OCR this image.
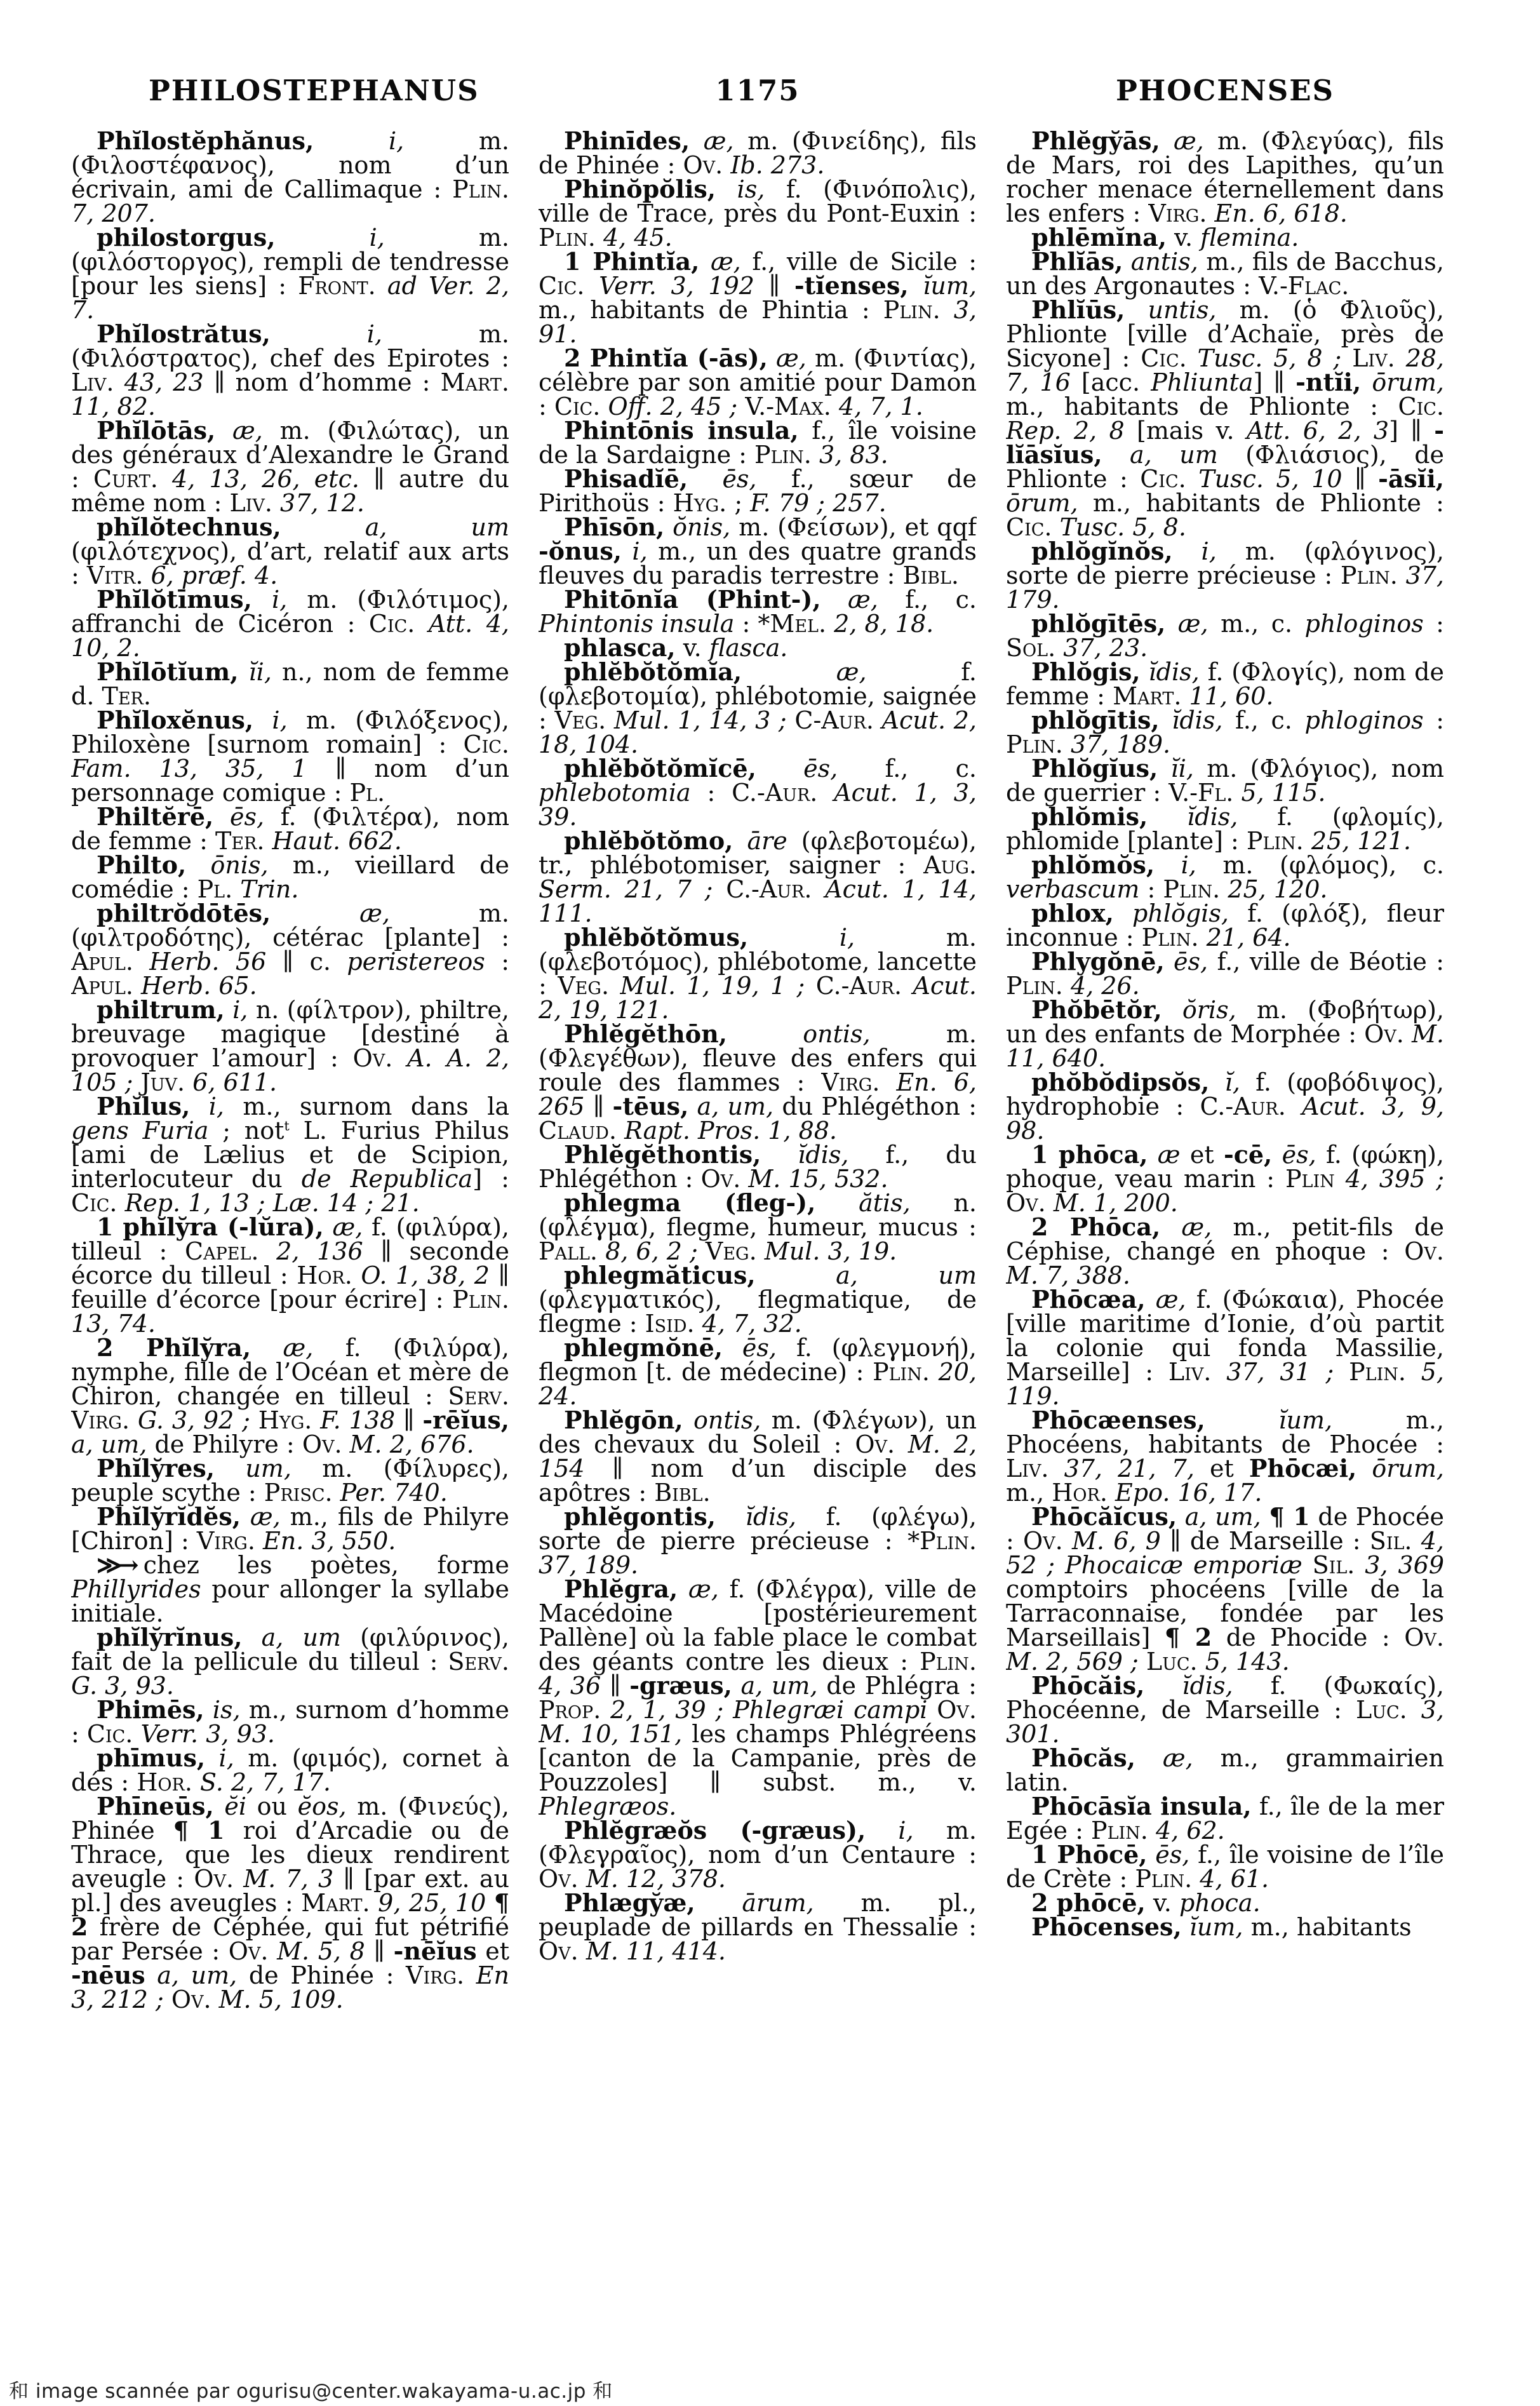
PHILOSTEPHANUS	1175	PHOCENSES

Phĭlostĕphănus, i, m. (Φιλοστέφανος), nom d’un écrivain, ami de Callimaque : Plin. 7, 207.

philostorgus, i, m. (φιλόστοργος), rempli de tendresse [pour les siens] : Front. ad Ver. 2, 7.

Phĭlostrătus, i, m. (Φιλόστρατος), chef des Epirotes : Liv. 43, 23 ∥ nom d’homme : Mart. 11, 82.

Phĭlōtās, æ, m. (Φιλώτας), un des généraux d’Alexandre le Grand : Curt. 4, 13, 26, etc. ∥ autre du même nom : Liv. 37, 12.

phĭlŏtechnus, a, um (φιλότεχνος), d’art, relatif aux arts : Vitr. 6, præf. 4.

Phĭlŏtīmus, i, m. (Φιλότιμος), affranchi de Cicéron : Cic. Att. 4, 10, 2.

Phĭlōtĭum, ĭi, n., nom de femme d. Ter.

Phĭloxĕnus, i, m. (Φιλόξενος), Philoxène [surnom romain] : Cic. Fam. 13, 35, 1 ∥ nom d’un personnage comique : Pl.

Philtĕrē, ēs, f. (Φιλτέρα), nom de femme : Ter. Haut. 662.

Philto, ōnis, m., vieillard de comédie : Pl. Trin.

philtrŏdōtēs, æ, m. (φιλτροδότης), cétérac [plante] : Apul. Herb. 56 ∥ c. peristereos : Apul. Herb. 65.

philtrum, i, n. (φίλτρον), philtre, breuvage magique [destiné à provoquer l’amour] : Ov. A. A. 2, 105 ; Juv. 6, 611.

Phĭlus, i, m., surnom dans la gens Furia ; not$^t$ L. Furius Philus [ami de Lælius et de Scipion, interlocuteur du de Republica] : Cic. Rep. 1, 13 ; Læ. 14 ; 21.

1 phĭly̆ra (-lŭra), æ, f. (φιλύρα), tilleul : Capel. 2, 136 ∥ seconde écorce du tilleul : Hor. O. 1, 38, 2 ∥ feuille d’écorce [pour écrire] : Plin. 13, 74.

2 Phĭly̆ra, æ, f. (Φιλύρα), nymphe, fille de l’Océan et mère de Chiron, changée en tilleul : Serv. Virg. G. 3, 92 ; Hyg. F. 138 ∥ -rēĭus, a, um, de Philyre : Ov. M. 2, 676.

Phĭly̆res, um, m. (Φίλυρες), peuple scythe : Prisc. Per. 740.

Phĭly̆rĭdĕs, æ, m., fils de Philyre [Chiron] : Virg. En. 3, 550.

≫→ chez les poètes, forme Phillyrides pour allonger la syllabe initiale.

phĭly̆rĭnus, a, um (φιλύρινος), fait de la pellicule du tilleul : Serv. G. 3, 93.

Phimēs, is, m., surnom d’homme : Cic. Verr. 3, 93.

phīmus, i, m. (φιμός), cornet à dés : Hor. S. 2, 7, 17.

Phīneūs, ĕi ou ĕos, m. (Φινεύς), Phinée ¶ 1 roi d’Arcadie ou de Thrace, que les dieux rendirent aveugle : Ov. M. 7, 3 ∥ [par ext. au pl.] des aveugles : Mart. 9, 25, 10 ¶ 2 frère de Céphée, qui fut pétrifié par Persée : Ov. M. 5, 8 ∥ -nēĭus et -nēus a, um, de Phinée : Virg. En 3, 212 ; Ov. M. 5, 109.

Phinīdes, æ, m. (Φινείδης), fils de Phinée : Ov. Ib. 273.

Phinŏpŏlis, is, f. (Φινόπολις), ville de Trace, près du Pont-Euxin : Plin. 4, 45.

1 Phintĭa, æ, f., ville de Sicile : Cic. Verr. 3, 192 ∥ -tĭenses, ĭum, m., habitants de Phintia : Plin. 3, 91.

2 Phintĭa (-ās), æ, m. (Φιντίας), célèbre par son amitié pour Damon : Cic. Off. 2, 45 ; V.-Max. 4, 7, 1.

Phintōnis insula, f., île voisine de la Sardaigne : Plin. 3, 83.

Phisadĭē, ēs, f., sœur de Pirithoüs : Hyg. ; F. 79 ; 257.

Phīsōn, ŏnis, m. (Φείσων), et qqf -ŏnus, i, m., un des quatre grands fleuves du paradis terrestre : Bibl.

Phitōnĭa (Phint-), æ, f., c. Phintonis insula : *Mel. 2, 8, 18.

phlasca, v. flasca.

phlĕbŏtŏmĭa, æ, f. (φλεβοτομία), phlébotomie, saignée : Veg. Mul. 1, 14, 3 ; C-Aur. Acut. 2, 18, 104.

phlĕbŏtŏmĭcē, ēs, f., c. phlebotomia : C.-Aur. Acut. 1, 3, 39.

phlĕbŏtŏmo, āre (φλεβοτομέω), tr., phlébotomiser, saigner : Aug. Serm. 21, 7 ; C.-Aur. Acut. 1, 14, 111.

phlĕbŏtŏmus, i, m. (φλεβοτόμος), phlébotome, lancette : Veg. Mul. 1, 19, 1 ; C.-Aur. Acut. 2, 19, 121.

Phlĕgĕthōn, ontis, m. (Φλεγέθων), fleuve des enfers qui roule des flammes : Virg. En. 6, 265 ∥ -tēus, a, um, du Phlégéthon : Claud. Rapt. Pros. 1, 88.

Phlĕgĕthontis, ĭdis, f., du Phlégéthon : Ov. M. 15, 532.

phlegma (fleg-), ătis, n. (φλέγμα), flegme, humeur, mucus : Pall. 8, 6, 2 ; Veg. Mul. 3, 19.

phlegmăticus, a, um (φλεγματικός), flegmatique, de flegme : Isid. 4, 7, 32.

phlegmŏnē, ēs, f. (φλεγμονή), flegmon [t. de médecine) : Plin. 20, 24.

Phlĕgōn, ontis, m. (Φλέγων), un des chevaux du Soleil : Ov. M. 2, 154 ∥ nom d’un disciple des apôtres : Bibl.

phlĕgontis, ĭdis, f. (φλέγω), sorte de pierre précieuse : *Plin. 37, 189.

Phlĕgra, æ, f. (Φλέγρα), ville de Macédoine [postérieurement Pallène] où la fable place le combat des géants contre les dieux : Plin. 4, 36 ∥ -græus, a, um, de Phlégra : Prop. 2, 1, 39 ; Phlegræi campi Ov. M. 10, 151, les champs Phlégréens [canton de la Campanie, près de Pouzzoles] ∥ subst. m., v. Phlegræos.

Phlĕgræŏs (-græus), i, m. (Φλεγραῖος), nom d’un Centaure : Ov. M. 12, 378.

Phlægy̆æ, ārum, m. pl., peuplade de pillards en Thessalie : Ov. M. 11, 414.

Phlĕgy̆ās, æ, m. (Φλεγύας), fils de Mars, roi des Lapithes, qu’un rocher menace éternellement dans les enfers : Virg. En. 6, 618.

phlēmĭna, v. flemina.

Phlĭās, antis, m., fils de Bacchus, un des Argonautes : V.-Flac.

Phlĭūs, untis, m. (ὁ Φλιοῦς), Phlionte [ville d’Achaïe, près de Sicyone] : Cic. Tusc. 5, 8 ; Liv. 28, 7, 16 [acc. Phliunta] ∥ -ntĭi, ōrum, m., habitants de Phlionte : Cic. Rep. 2, 8 [mais v. Att. 6, 2, 3] ∥ -lĭāsĭus, a, um (Φλιάσιος), de Phlionte : Cic. Tusc. 5, 10 ∥ -āsĭi, ōrum, m., habitants de Phlionte : Cic. Tusc. 5, 8.

phlŏgĭnŏs, i, m. (φλόγινος), sorte de pierre précieuse : Plin. 37, 179.

phlŏgītēs, æ, m., c. phloginos : Sol. 37, 23.

Phlŏgis, ĭdis, f. (Φλογίς), nom de femme : Mart. 11, 60.

phlŏgītis, ĭdis, f., c. phloginos : Plin. 37, 189.

Phlŏgĭus, ĭi, m. (Φλόγιος), nom de guerrier : V.-Fl. 5, 115.

phlŏmis, ĭdis, f. (φλομίς), phlomide [plante] : Plin. 25, 121.

phlŏmŏs, i, m. (φλόμος), c. verbascum : Plin. 25, 120.

phlox, phlŏgis, f. (φλόξ), fleur inconnue : Plin. 21, 64.

Phlygŏnē, ēs, f., ville de Béotie : Plin. 4, 26.

Phŏbētŏr, ŏris, m. (Φοβήτωρ), un des enfants de Morphée : Ov. M. 11, 640.

phŏbŏdipsŏs, ĭ, f. (φοβόδιψος), hydrophobie : C.-Aur. Acut. 3, 9, 98.

1 phōca, æ et -cē, ēs, f. (φώκη), phoque, veau marin : Plin 4, 395 ; Ov. M. 1, 200.

2 Phōca, æ, m., petit-fils de Céphise, changé en phoque : Ov. M. 7, 388.

Phōcæa, æ, f. (Φώκαια), Phocée [ville maritime d’Ionie, d’où partit la colonie qui fonda Massilie, Marseille] : Liv. 37, 31 ; Plin. 5, 119.

Phōcæenses, ĭum, m., Phocéens, habitants de Phocée : Liv. 37, 21, 7, et Phōcæi, ōrum, m., Hor. Epo. 16, 17.

Phōcăĭcus, a, um, ¶ 1 de Phocée : Ov. M. 6, 9 ∥ de Marseille : Sil. 4, 52 ; Phocaicæ emporiæ Sil. 3, 369 comptoirs phocéens [ville de la Tarraconnaise, fondée par les Marseillais] ¶ 2 de Phocide : Ov. M. 2, 569 ; Luc. 5, 143.

Phōcăis, ĭdis, f. (Φωκαίς), Phocéenne, de Marseille : Luc. 3, 301.

Phōcăs, æ, m., grammairien latin.

Phōcāsĭa insula, f., île de la mer Egée : Plin. 4, 62.

1 Phōcē, ēs, f., île voisine de l’île de Crète : Plin. 4, 61.

2 phōcē, v. phoca.

Phōcenses, ĭum, m., habitants

和 image scannée par ogurisu@center.wakayama-u.ac.jp 和
